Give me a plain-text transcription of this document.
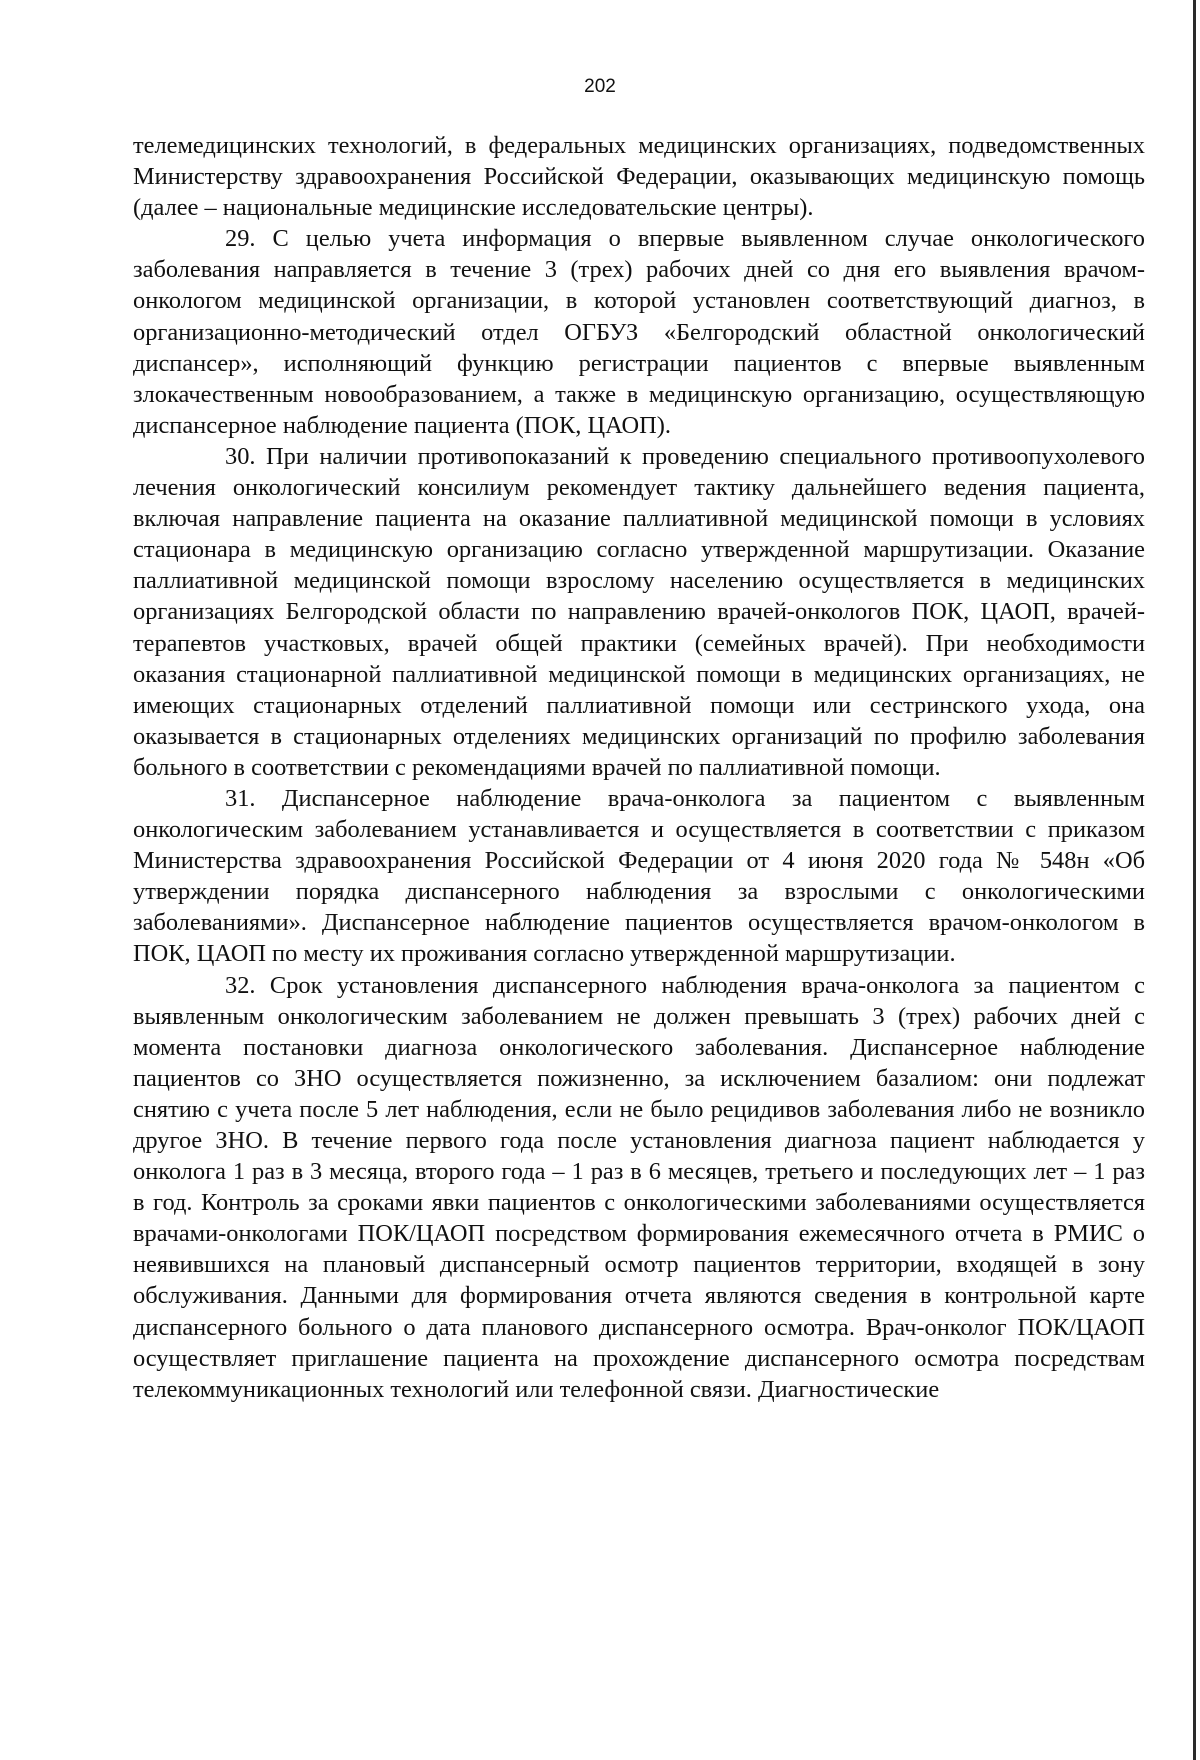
202

телемедицинских технологий, в федеральных медицинских организациях, подведомственных Министерству здравоохранения Российской Федерации, оказывающих медицинскую помощь (далее – национальные медицинские исследовательские центры).

29. С целью учета информация о впервые выявленном случае онкологического заболевания направляется в течение 3 (трех) рабочих дней со дня его выявления врачом-онкологом медицинской организации, в которой установлен соответствующий диагноз, в организационно-методический отдел ОГБУЗ «Белгородский областной онкологический диспансер», исполняющий функцию регистрации пациентов с впервые выявленным злокачественным новообразованием, а также в медицинскую организацию, осуществляющую диспансерное наблюдение пациента (ПОК, ЦАОП).

30. При наличии противопоказаний к проведению специального противоопухолевого лечения онкологический консилиум рекомендует тактику дальнейшего ведения пациента, включая направление пациента на оказание паллиативной медицинской помощи в условиях стационара в медицинскую организацию согласно утвержденной маршрутизации. Оказание паллиативной медицинской помощи взрослому населению осуществляется в медицинских организациях Белгородской области по направлению врачей-онкологов ПОК, ЦАОП, врачей-терапевтов участковых, врачей общей практики (семейных врачей). При необходимости оказания стационарной паллиативной медицинской помощи в медицинских организациях, не имеющих стационарных отделений паллиативной помощи или сестринского ухода, она оказывается в стационарных отделениях медицинских организаций по профилю заболевания больного в соответствии с рекомендациями врачей по паллиативной помощи.

31. Диспансерное наблюдение врача-онколога за пациентом с выявленным онкологическим заболеванием устанавливается и осуществляется в соответствии с приказом Министерства здравоохранения Российской Федерации от 4 июня 2020 года № 548н «Об утверждении порядка диспансерного наблюдения за взрослыми с онкологическими заболеваниями». Диспансерное наблюдение пациентов осуществляется врачом-онкологом в ПОК, ЦАОП по месту их проживания согласно утвержденной маршрутизации.

32. Срок установления диспансерного наблюдения врача-онколога за пациентом с выявленным онкологическим заболеванием не должен превышать 3 (трех) рабочих дней с момента постановки диагноза онкологического заболевания. Диспансерное наблюдение пациентов со ЗНО осуществляется пожизненно, за исключением базалиом: они подлежат снятию с учета после 5 лет наблюдения, если не было рецидивов заболевания либо не возникло другое ЗНО. В течение первого года после установления диагноза пациент наблюдается у онколога 1 раз в 3 месяца, второго года – 1 раз в 6 месяцев, третьего и последующих лет – 1 раз в год. Контроль за сроками явки пациентов с онкологическими заболеваниями осуществляется врачами-онкологами ПОК/ЦАОП посредством формирования ежемесячного отчета в РМИС о неявившихся на плановый диспансерный осмотр пациентов территории, входящей в зону обслуживания. Данными для формирования отчета являются сведения в контрольной карте диспансерного больного о дата планового диспансерного осмотра. Врач-онколог ПОК/ЦАОП осуществляет приглашение пациента на прохождение диспансерного осмотра посредствам телекоммуникационных технологий или телефонной связи. Диагностические
